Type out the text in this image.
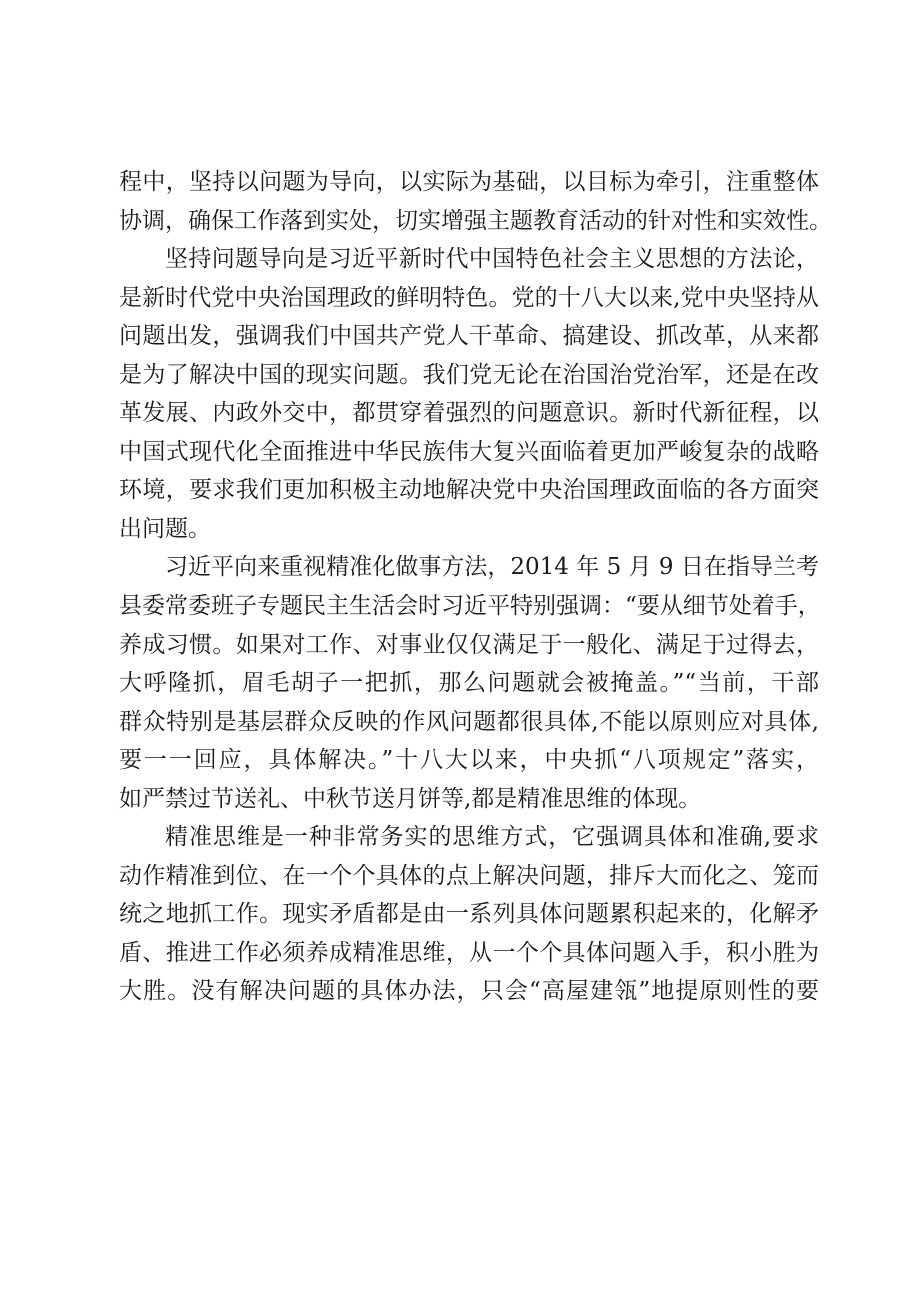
程中，坚持以问题为导向，以实际为基础，以目标为牵引，注重整体
协调，确保工作落到实处，切实增强主题教育活动的针对性和实效性。
坚持问题导向是习近平新时代中国特色社会主义思想的方法论，
是新时代党中央治国理政的鲜明特色。党的十八大以来,党中央坚持从
问题出发，强调我们中国共产党人干革命、搞建设、抓改革，从来都
是为了解决中国的现实问题。我们党无论在治国治党治军，还是在改
革发展、内政外交中，都贯穿着强烈的问题意识。新时代新征程，以
中国式现代化全面推进中华民族伟大复兴面临着更加严峻复杂的战略
环境，要求我们更加积极主动地解决党中央治国理政面临的各方面突
出问题。
习近平向来重视精准化做事方法，2014 年 5 月 9 日在指导兰考
县委常委班子专题民主生活会时习近平特别强调：“要从细节处着手，
养成习惯。如果对工作、对事业仅仅满足于一般化、满足于过得去，
大呼隆抓，眉毛胡子一把抓，那么问题就会被掩盖。”“当前，干部
群众特别是基层群众反映的作风问题都很具体,不能以原则应对具体,
要一一回应，具体解决。”十八大以来，中央抓“八项规定”落实，
如严禁过节送礼、中秋节送月饼等,都是精准思维的体现。
精准思维是一种非常务实的思维方式，它强调具体和准确,要求
动作精准到位、在一个个具体的点上解决问题，排斥大而化之、笼而
统之地抓工作。现实矛盾都是由一系列具体问题累积起来的，化解矛
盾、推进工作必须养成精准思维，从一个个具体问题入手，积小胜为
大胜。没有解决问题的具体办法，只会“高屋建瓴”地提原则性的要
